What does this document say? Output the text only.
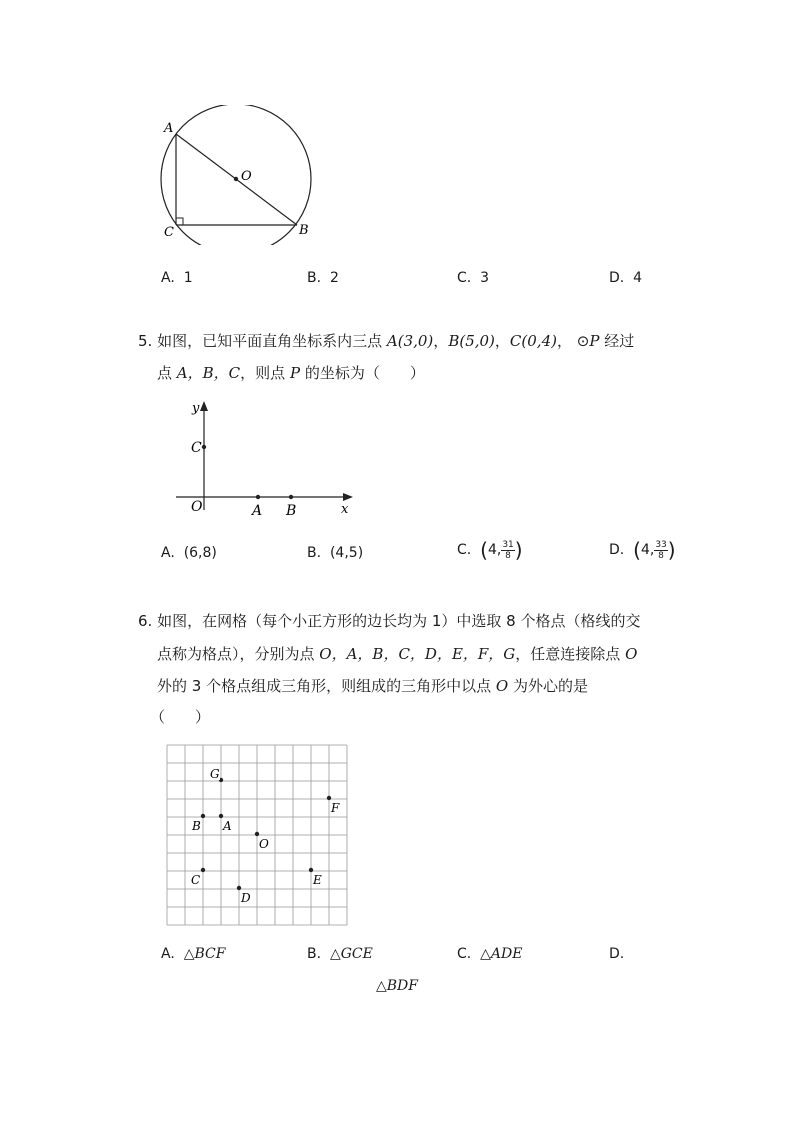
A
C	B
O
A. 1	B. 2	C. 3	D. 4
5. 如图，已知平面直角坐标系内三点 A(3,0)，B(5,0)，C(0,4)， ⊙P 经过
点 A，B，C，则点 P 的坐标为（　　）
y
C
O	A B	x
A. (6,8)	B. (4,5)	C. (4, $\frac{31}{8}$ )	D. (4, $\frac{33}{8}$ )
6. 如图，在网格（每个小正方形的边长均为 1）中选取 8 个格点（格线的交
点称为格点），分别为点 O，A，B，C，D，E，F，G，任意连接除点 O
外的 3 个格点组成三角形，则组成的三角形中以点 O 为外心的是
（　　）
G
F
B A
O
C	E
D
A. △BCF	B. △GCE	C. △ADE	D.
△BDF
